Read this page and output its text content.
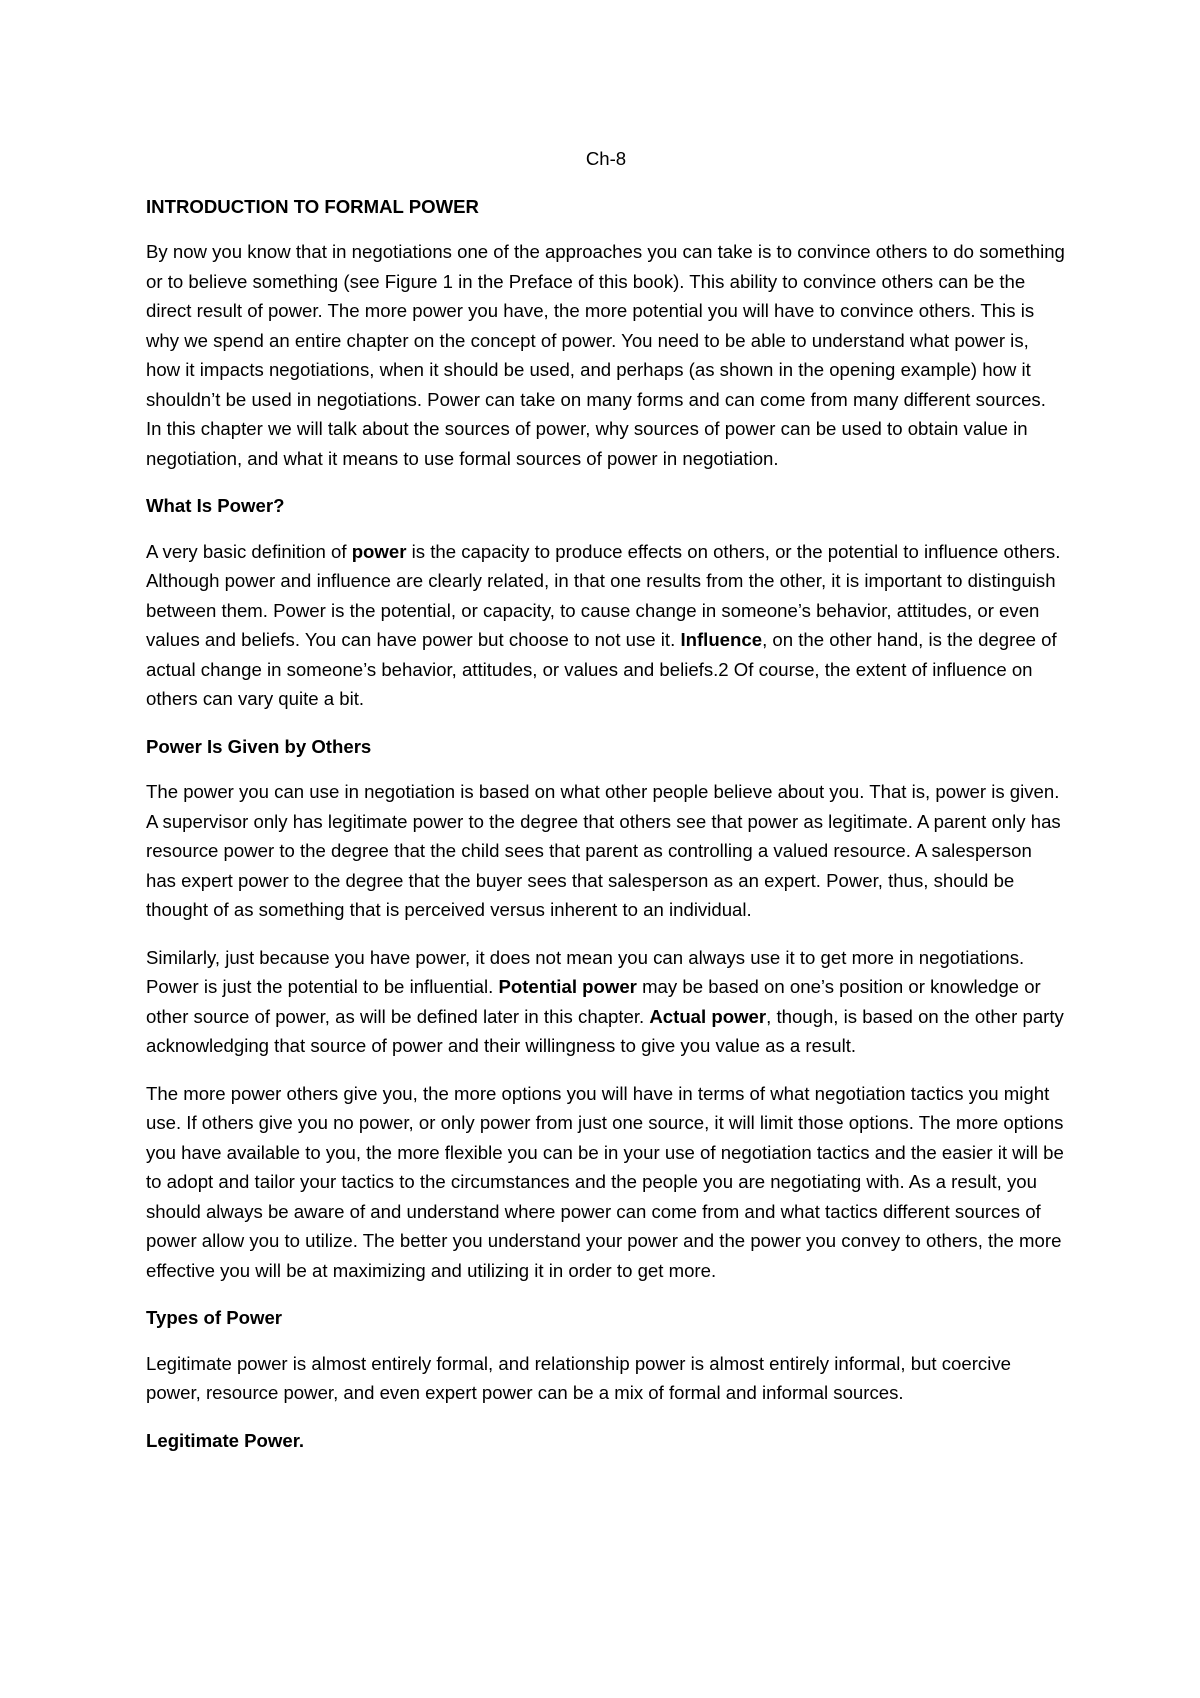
Ch-8
INTRODUCTION TO FORMAL POWER

By now you know that in negotiations one of the approaches you can take is to convince others to do something or to believe something (see Figure 1 in the Preface of this book). This ability to convince others can be the direct result of power. The more power you have, the more potential you will have to convince others. This is why we spend an entire chapter on the concept of power. You need to be able to understand what power is, how it impacts negotiations, when it should be used, and perhaps (as shown in the opening example) how it shouldn’t be used in negotiations. Power can take on many forms and can come from many different sources. In this chapter we will talk about the sources of power, why sources of power can be used to obtain value in negotiation, and what it means to use formal sources of power in negotiation.

What Is Power?

A very basic definition of power is the capacity to produce effects on others, or the potential to influence others. Although power and influence are clearly related, in that one results from the other, it is important to distinguish between them. Power is the potential, or capacity, to cause change in someone’s behavior, attitudes, or even values and beliefs. You can have power but choose to not use it. Influence, on the other hand, is the degree of actual change in someone’s behavior, attitudes, or values and beliefs.2 Of course, the extent of influence on others can vary quite a bit.

Power Is Given by Others

The power you can use in negotiation is based on what other people believe about you. That is, power is given. A supervisor only has legitimate power to the degree that others see that power as legitimate. A parent only has resource power to the degree that the child sees that parent as controlling a valued resource. A salesperson has expert power to the degree that the buyer sees that salesperson as an expert. Power, thus, should be thought of as something that is perceived versus inherent to an individual.

Similarly, just because you have power, it does not mean you can always use it to get more in negotiations. Power is just the potential to be influential. Potential power may be based on one’s position or knowledge or other source of power, as will be defined later in this chapter. Actual power, though, is based on the other party acknowledging that source of power and their willingness to give you value as a result.

The more power others give you, the more options you will have in terms of what negotiation tactics you might use. If others give you no power, or only power from just one source, it will limit those options. The more options you have available to you, the more flexible you can be in your use of negotiation tactics and the easier it will be to adopt and tailor your tactics to the circumstances and the people you are negotiating with. As a result, you should always be aware of and understand where power can come from and what tactics different sources of power allow you to utilize. The better you understand your power and the power you convey to others, the more effective you will be at maximizing and utilizing it in order to get more.

Types of Power

Legitimate power is almost entirely formal, and relationship power is almost entirely informal, but coercive power, resource power, and even expert power can be a mix of formal and informal sources.

Legitimate Power.
